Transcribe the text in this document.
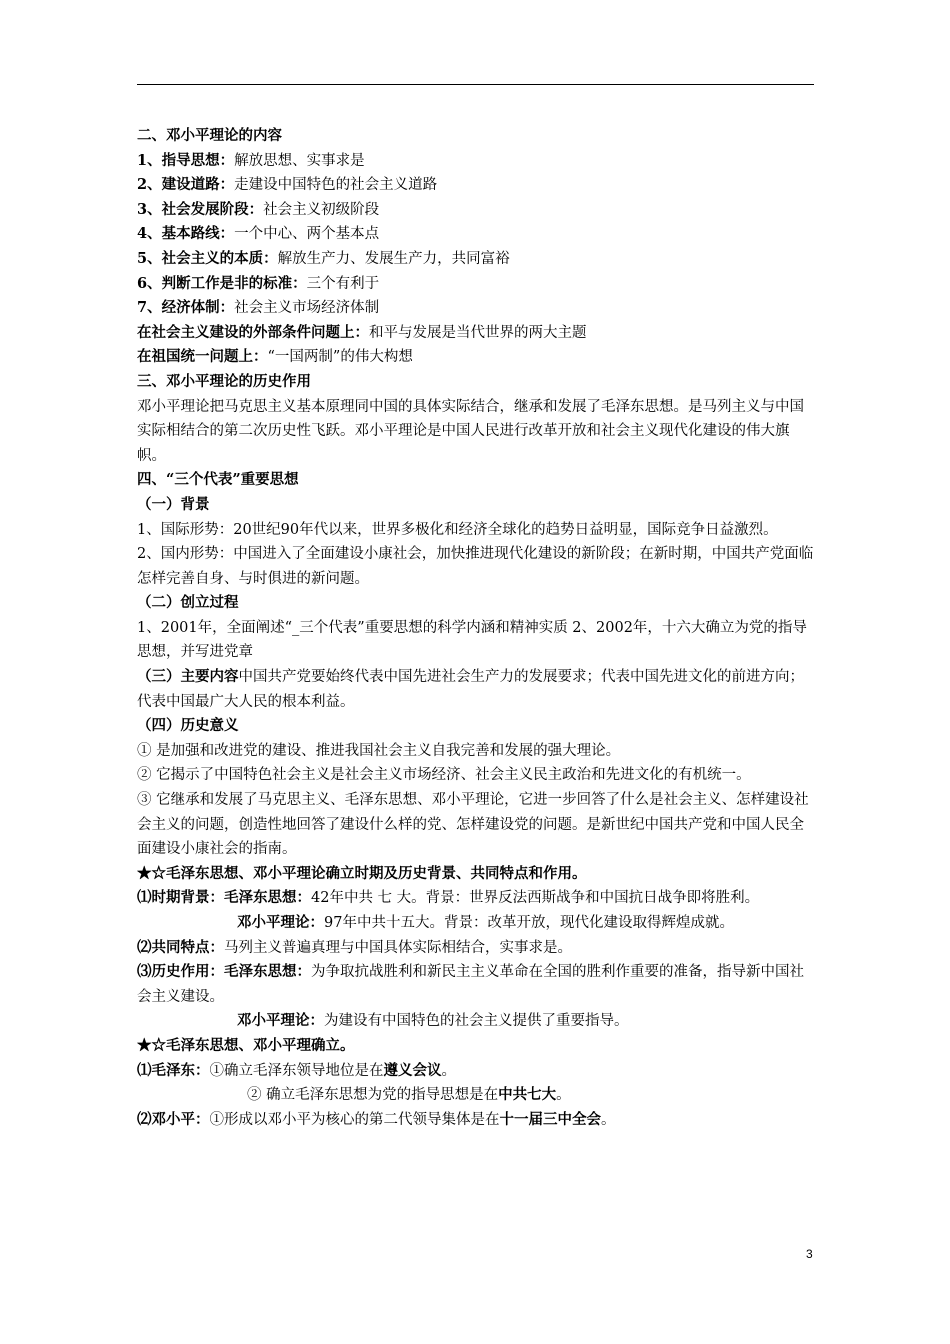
二、邓小平理论的内容
1、指导思想：解放思想、实事求是
2、建设道路：走建设中国特色的社会主义道路
3、社会发展阶段：社会主义初级阶段
4、基本路线：一个中心、两个基本点
5、社会主义的本质：解放生产力、发展生产力，共同富裕
6、判断工作是非的标准：三个有利于
7、经济体制：社会主义市场经济体制
在社会主义建设的外部条件问题上：和平与发展是当代世界的两大主题
在祖国统一问题上：“一国两制”的伟大构想
三、邓小平理论的历史作用
邓小平理论把马克思主义基本原理同中国的具体实际结合，继承和发展了毛泽东思想。是马列主义与中国实际相结合的第二次历史性飞跃。邓小平理论是中国人民进行改革开放和社会主义现代化建设的伟大旗帜。
四、“三个代表”重要思想
（一）背景
1、国际形势：20世纪90年代以来，世界多极化和经济全球化的趋势日益明显，国际竞争日益激烈。
2、国内形势：中国进入了全面建设小康社会，加快推进现代化建设的新阶段；在新时期，中国共产党面临怎样完善自身、与时俱进的新问题。
（二）创立过程
1、2001年，全面阐述“_三个代表”重要思想的科学内涵和精神实质 2、2002年，十六大确立为党的指导思想，并写进党章
（三）主要内容中国共产党要始终代表中国先进社会生产力的发展要求；代表中国先进文化的前进方向；代表中国最广大人民的根本利益。
（四）历史意义
① 是加强和改进党的建设、推进我国社会主义自我完善和发展的强大理论。
② 它揭示了中国特色社会主义是社会主义市场经济、社会主义民主政治和先进文化的有机统一。
③ 它继承和发展了马克思主义、毛泽东思想、邓小平理论，它进一步回答了什么是社会主义、怎样建设社会主义的问题，创造性地回答了建设什么样的党、怎样建设党的问题。是新世纪中国共产党和中国人民全面建设小康社会的指南。
★☆毛泽东思想、邓小平理论确立时期及历史背景、共同特点和作用。
⑴时期背景：毛泽东思想：42年中共 七 大。背景：世界反法西斯战争和中国抗日战争即将胜利。
邓小平理论：97年中共十五大。背景：改革开放，现代化建设取得辉煌成就。
⑵共同特点：马列主义普遍真理与中国具体实际相结合，实事求是。
⑶历史作用：毛泽东思想：为争取抗战胜利和新民主主义革命在全国的胜利作重要的准备，指导新中国社会主义建设。
邓小平理论：为建设有中国特色的社会主义提供了重要指导。
★☆毛泽东思想、邓小平理确立。
⑴毛泽东：①确立毛泽东领导地位是在遵义会议。
② 确立毛泽东思想为党的指导思想是在中共七大。
⑵邓小平：①形成以邓小平为核心的第二代领导集体是在十一届三中全会。
3
